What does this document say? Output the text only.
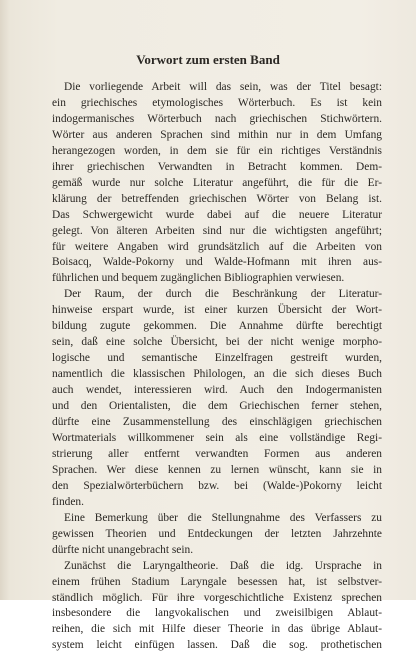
Vorwort zum ersten Band
Die vorliegende Arbeit will das sein, was der Titel besagt:
ein griechisches etymologisches Wörterbuch. Es ist kein
indogermanisches Wörterbuch nach griechischen Stichwörtern.
Wörter aus anderen Sprachen sind mithin nur in dem Umfang
herangezogen worden, in dem sie für ein richtiges Verständnis
ihrer griechischen Verwandten in Betracht kommen. Dem-
gemäß wurde nur solche Literatur angeführt, die für die Er-
klärung der betreffenden griechischen Wörter von Belang ist.
Das Schwergewicht wurde dabei auf die neuere Literatur
gelegt. Von älteren Arbeiten sind nur die wichtigsten angeführt;
für weitere Angaben wird grundsätzlich auf die Arbeiten von
Boisacq, Walde-Pokorny und Walde-Hofmann mit ihren aus-
führlichen und bequem zugänglichen Bibliographien verwiesen.
Der Raum, der durch die Beschränkung der Literatur-
hinweise erspart wurde, ist einer kurzen Übersicht der Wort-
bildung zugute gekommen. Die Annahme dürfte berechtigt
sein, daß eine solche Übersicht, bei der nicht wenige morpho-
logische und semantische Einzelfragen gestreift wurden,
namentlich die klassischen Philologen, an die sich dieses Buch
auch wendet, interessieren wird. Auch den Indogermanisten
und den Orientalisten, die dem Griechischen ferner stehen,
dürfte eine Zusammenstellung des einschlägigen griechischen
Wortmaterials willkommener sein als eine vollständige Regi-
strierung aller entfernt verwandten Formen aus anderen
Sprachen. Wer diese kennen zu lernen wünscht, kann sie in
den Spezialwörterbüchern bzw. bei (Walde-)Pokorny leicht
finden.
Eine Bemerkung über die Stellungnahme des Verfassers zu
gewissen Theorien und Entdeckungen der letzten Jahrzehnte
dürfte nicht unangebracht sein.
Zunächst die Laryngaltheorie. Daß die idg. Ursprache in
einem frühen Stadium Laryngale besessen hat, ist selbstver-
ständlich möglich. Für ihre vorgeschichtliche Existenz sprechen
insbesondere die langvokalischen und zweisilbigen Ablaut-
reihen, die sich mit Hilfe dieser Theorie in das übrige Ablaut-
system leicht einfügen lassen. Daß die sog. prothetischen
